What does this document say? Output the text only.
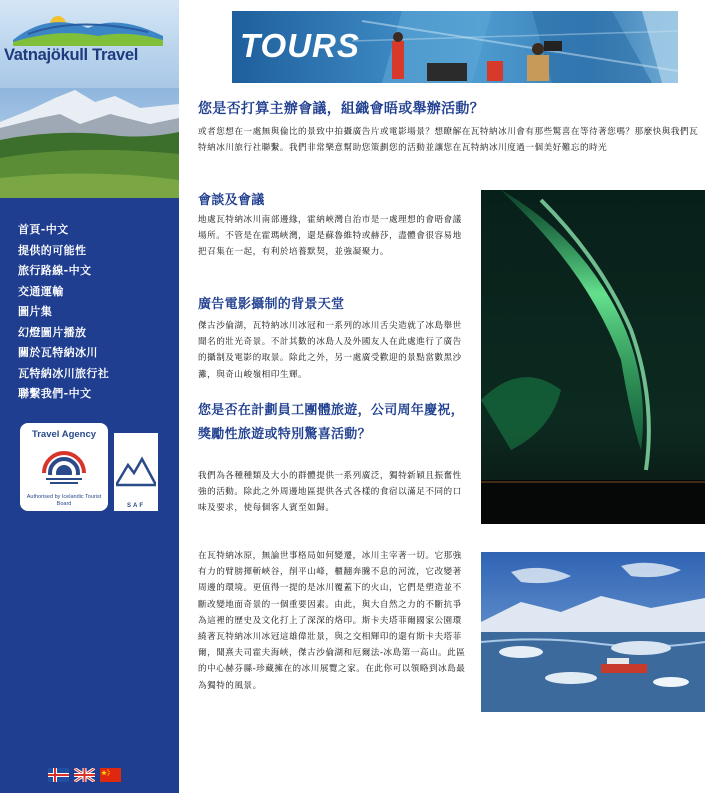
Vatnajökull Travel
首頁-中文
提供的可能性
旅行路線-中文
交通運輸
圖片集
幻燈圖片播放
關於瓦特納冰川
瓦特納冰川旅行社
聯繫我們-中文
Travel Agency
Authorised by Icelandic Tourist Board	SAF
TOURS
您是否打算主辦會議，組織會晤或舉辦活動？

或者您想在一處無與倫比的景致中拍攝廣告片或電影場景？想瞭解在瓦特納冰川會有那些驚喜在等待著您嗎？那麼快與我們瓦特納冰川旅行社聯繫。我們非常樂意幫助您策劃您的活動並讓您在瓦特納冰川度過一個美好難忘的時光

會談及會議

地處瓦特納冰川南部邊緣，霍納峽灣自治市是一處理想的會晤會議場所。不管是在霍瑪峽灣，還是蘇魯維特或赫莎，盡體會很容易地把召集在一起，有利於培養默契，並強凝聚力。

廣告電影攝制的背景天堂

傑古沙倫湖，瓦特納冰川冰冠和一系列的冰川舌尖造就了冰島舉世聞名的壯光奇景。不計其數的冰島人及外國友人在此處進行了廣告的攝制及電影的取景。除此之外，另一處廣受歡迎的景點當數黑沙灘，與奇山峻嶺相印生輝。

您是否在計劃員工團體旅遊，公司周年慶祝，獎勵性旅遊或特別驚喜活動？

我們為各種種類及大小的群體提供一系列廣泛，獨特新穎且振奮性強的活動。除此之外周邊地區提供各式各樣的食宿以滿足不同的口味及要求，使每個客人賓至如歸。

在瓦特納冰原，無論世事格局如何變遷，冰川主宰著一切。它那強有力的臂膀揮斬峽谷，削平山峰，櫃翻奔騰不息的河流，它改變著周邊的環境。更值得一提的是冰川覆蓋下的火山，它們是塑造並不斷改變地面奇景的一個重要因素。由此，與大自然之力的不斷抗爭為這裡的歷史及文化打上了深深的烙印。斯卡夫塔菲爾國家公園環繞著瓦特納冰川冰冠這雄偉壯景，與之交相輝印的還有斯卡夫塔菲爾，聞熹夫司霍夫海峽，傑古沙倫湖和厄爾法-冰島第一高山。此區的中心赫芬縣-珍藏擁在的冰川展覽之家。在此你可以領略到冰島最為獨特的風景。
